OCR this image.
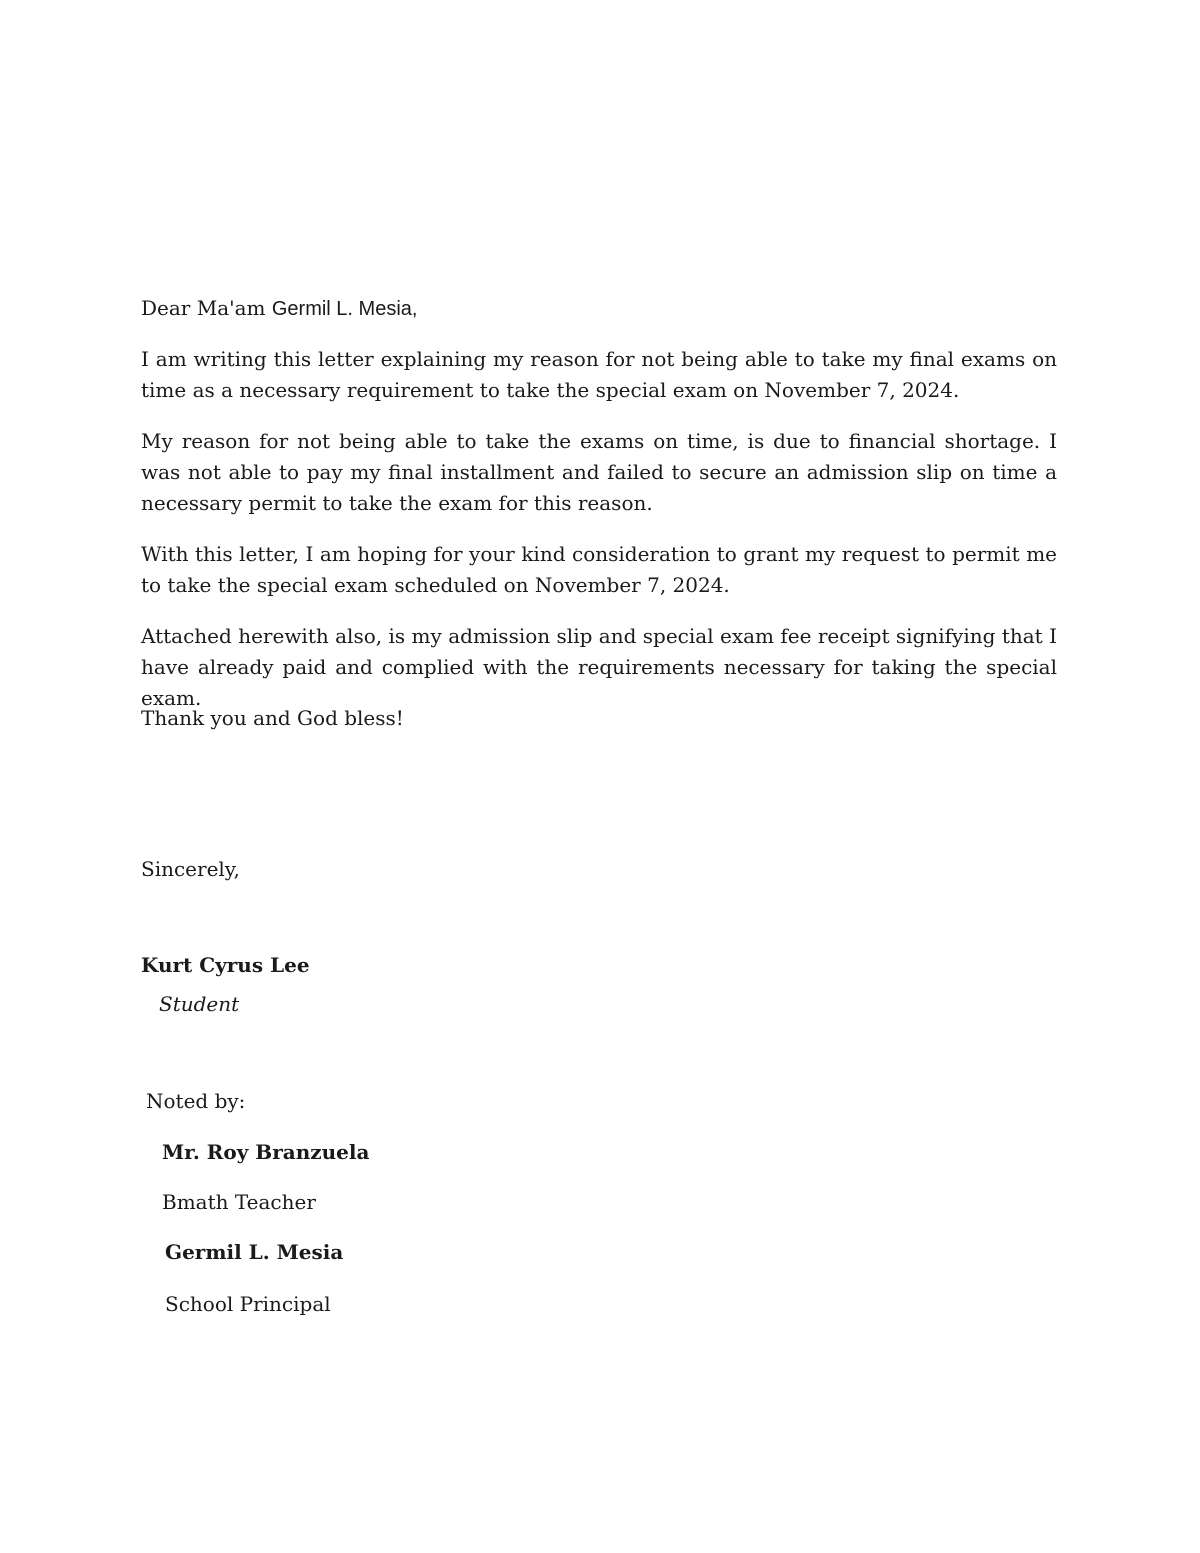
Dear Ma'am Germil L. Mesia,
I am writing this letter explaining my reason for not being able to take my final exams on time as a necessary requirement to take the special exam on November 7, 2024.
My reason for not being able to take the exams on time, is due to financial shortage. I was not able to pay my final installment and failed to secure an admission slip on time a necessary permit to take the exam for this reason.
With this letter, I am hoping for your kind consideration to grant my request to permit me to take the special exam scheduled on November 7, 2024.
Attached herewith also, is my admission slip and special exam fee receipt signifying that I have already paid and complied with the requirements necessary for taking the special exam.
Thank you and God bless!
Sincerely,
Kurt Cyrus Lee
Student
Noted by:
Mr. Roy Branzuela
Bmath Teacher
Germil L. Mesia
School Principal
